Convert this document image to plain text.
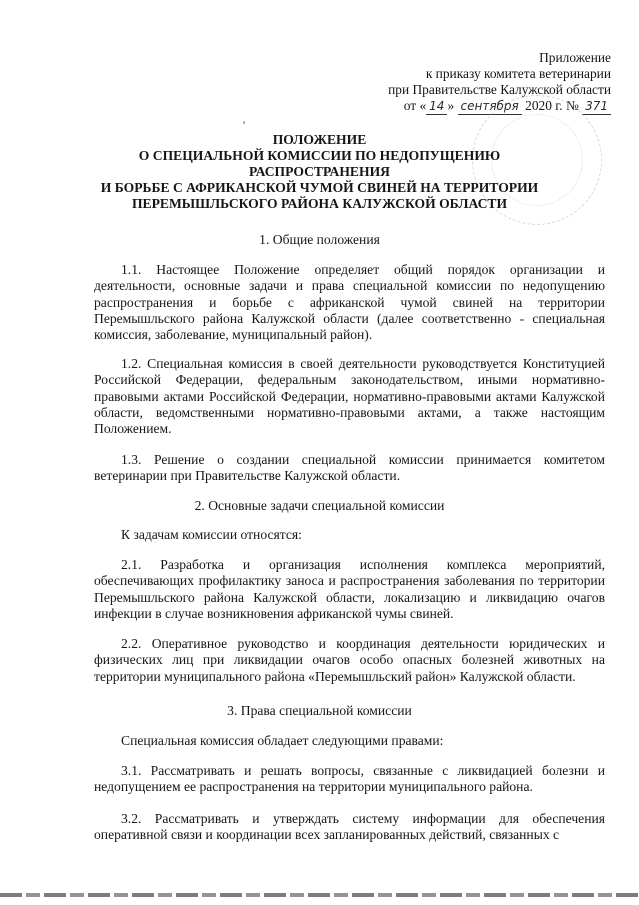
Приложение
к приказу комитета ветеринарии
при Правительстве Калужской области
от « 14 » сентября 2020 г. № 371
ПОЛОЖЕНИЕ
О СПЕЦИАЛЬНОЙ КОМИССИИ ПО НЕДОПУЩЕНИЮ
РАСПРОСТРАНЕНИЯ
И БОРЬБЕ С АФРИКАНСКОЙ ЧУМОЙ СВИНЕЙ НА ТЕРРИТОРИИ
ПЕРЕМЫШЛЬСКОГО РАЙОНА КАЛУЖСКОЙ ОБЛАСТИ
1. Общие положения
1.1. Настоящее Положение определяет общий порядок организации и деятельности, основные задачи и права специальной комиссии по недопущению распространения и борьбе с африканской чумой свиней на территории Перемышльского района Калужской области (далее соответственно - специальная комиссия, заболевание, муниципальный район).
1.2. Специальная комиссия в своей деятельности руководствуется Конституцией Российской Федерации, федеральным законодательством, иными нормативно-правовыми актами Российской Федерации, нормативно-правовыми актами Калужской области, ведомственными нормативно-правовыми актами, а также настоящим Положением.
1.3. Решение о создании специальной комиссии принимается комитетом ветеринарии при Правительстве Калужской области.
2. Основные задачи специальной комиссии
К задачам комиссии относятся:
2.1. Разработка и организация исполнения комплекса мероприятий, обеспечивающих профилактику заноса и распространения заболевания по территории Перемышльского района Калужской области, локализацию и ликвидацию очагов инфекции в случае возникновения африканской чумы свиней.
2.2. Оперативное руководство и координация деятельности юридических и физических лиц при ликвидации очагов особо опасных болезней животных на территории муниципального района «Перемышльский район» Калужской области.
3. Права специальной комиссии
Специальная комиссия обладает следующими правами:
3.1. Рассматривать и решать вопросы, связанные с ликвидацией болезни и недопущением ее распространения на территории муниципального района.
3.2. Рассматривать и утверждать систему информации для обеспечения оперативной связи и координации всех запланированных действий, связанных с
'
